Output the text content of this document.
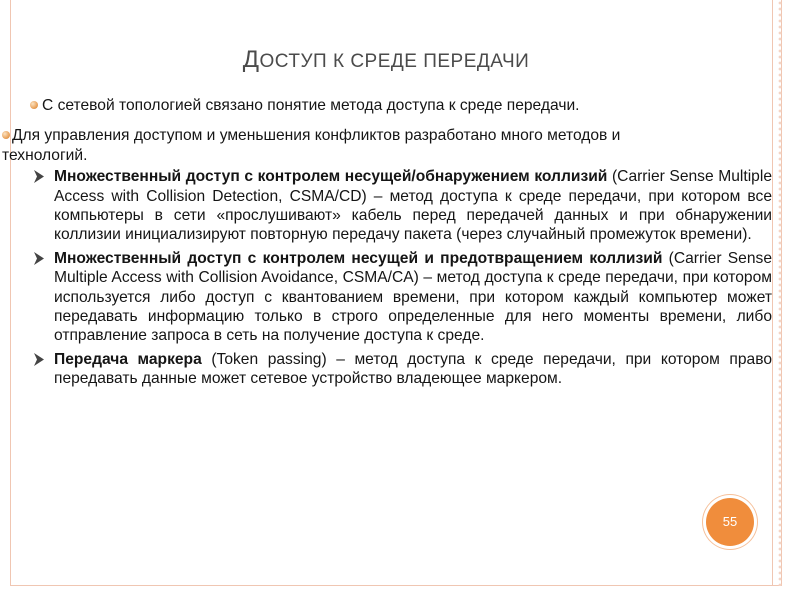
ДОСТУП К СРЕДЕ ПЕРЕДАЧИ
С сетевой топологией связано понятие метода доступа к среде передачи.
Для управления доступом и уменьшения конфликтов разработано много методов и
технологий.
Множественный доступ с контролем несущей/обнаружением коллизий (Carrier Sense Multiple Access with Collision Detection, CSMA/CD) – метод доступа к среде передачи, при котором все компьютеры в сети «прослушивают» кабель перед передачей данных и при обнаружении коллизии инициализируют повторную передачу пакета (через случайный промежуток времени).
Множественный доступ с контролем несущей и предотвращением коллизий (Carrier Sense Multiple Access with Collision Avoidance, CSMA/CA) – метод доступа к среде передачи, при котором используется либо доступ с квантованием времени, при котором каждый компьютер может передавать информацию только в строго определенные для него моменты времени, либо отправление запроса в сеть на получение доступа к среде.
Передача маркера (Token passing) – метод доступа к среде передачи, при котором право передавать данные может сетевое устройство владеющее маркером.
55
